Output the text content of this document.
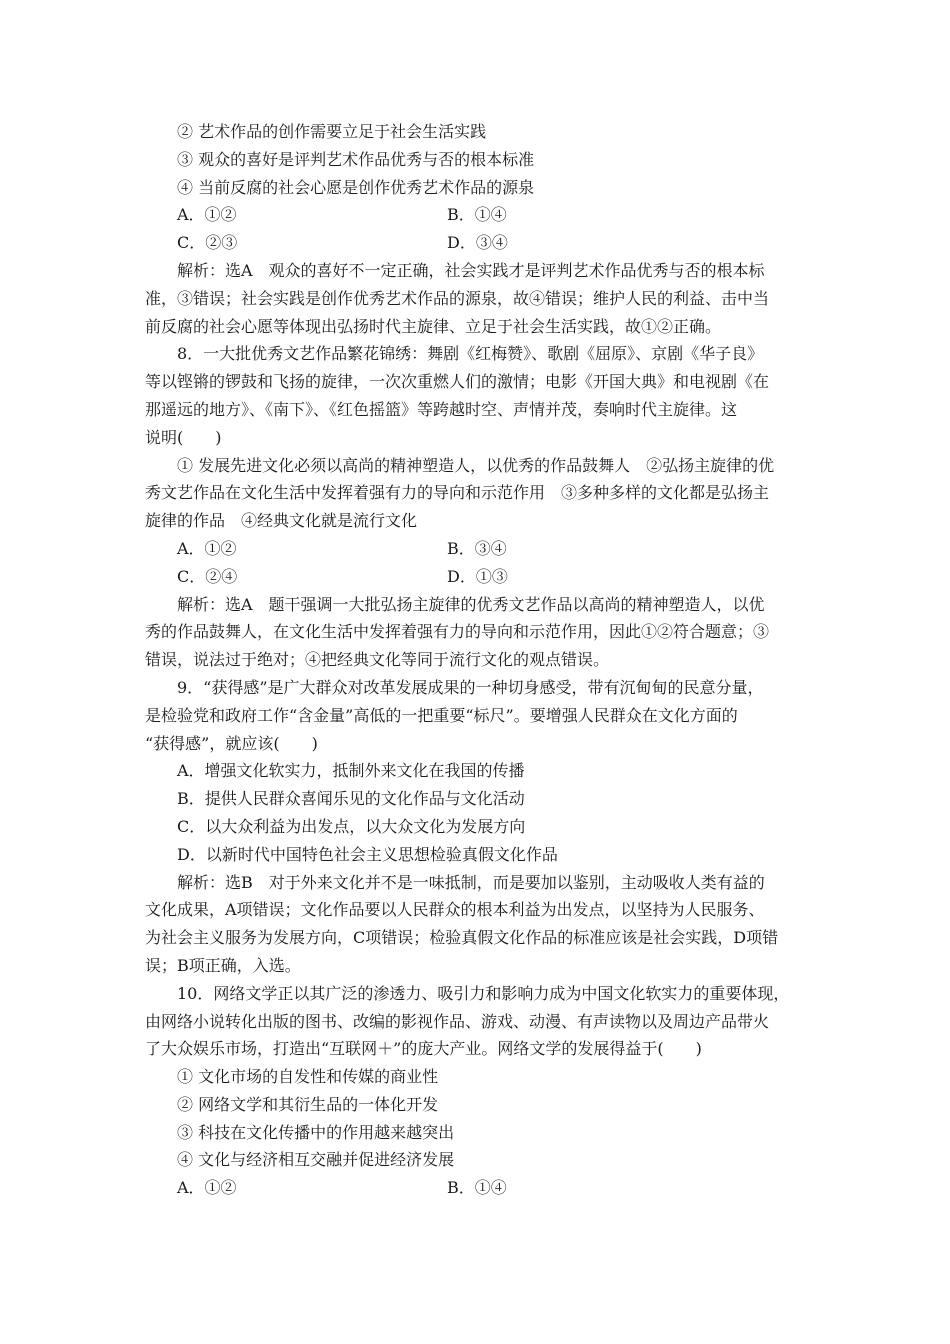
② 艺术作品的创作需要立足于社会生活实践
③ 观众的喜好是评判艺术作品优秀与否的根本标准
④ 当前反腐的社会心愿是创作优秀艺术作品的源泉
A．①②	B．①④
C．②③	D．③④
解析：选A　观众的喜好不一定正确，社会实践才是评判艺术作品优秀与否的根本标
准，③错误；社会实践是创作优秀艺术作品的源泉，故④错误；维护人民的利益、击中当
前反腐的社会心愿等体现出弘扬时代主旋律、立足于社会生活实践，故①②正确。
8．一大批优秀文艺作品繁花锦绣：舞剧《红梅赞》、歌剧《屈原》、京剧《华子良》
等以铿锵的锣鼓和飞扬的旋律，一次次重燃人们的激情；电影《开国大典》和电视剧《在
那遥远的地方》、《南下》、《红色摇篮》等跨越时空、声情并茂，奏响时代主旋律。这
说明(　　)
① 发展先进文化必须以高尚的精神塑造人，以优秀的作品鼓舞人　②弘扬主旋律的优
秀文艺作品在文化生活中发挥着强有力的导向和示范作用　③多种多样的文化都是弘扬主
旋律的作品　④经典文化就是流行文化
A．①②	B．③④
C．②④	D．①③
解析：选A　题干强调一大批弘扬主旋律的优秀文艺作品以高尚的精神塑造人，以优
秀的作品鼓舞人，在文化生活中发挥着强有力的导向和示范作用，因此①②符合题意；③
错误，说法过于绝对；④把经典文化等同于流行文化的观点错误。
9．“获得感”是广大群众对改革发展成果的一种切身感受，带有沉甸甸的民意分量，
是检验党和政府工作“含金量”高低的一把重要“标尺”。要增强人民群众在文化方面的
“获得感”，就应该(　　)
A．增强文化软实力，抵制外来文化在我国的传播
B．提供人民群众喜闻乐见的文化作品与文化活动
C．以大众利益为出发点，以大众文化为发展方向
D．以新时代中国特色社会主义思想检验真假文化作品
解析：选B　对于外来文化并不是一味抵制，而是要加以鉴别，主动吸收人类有益的
文化成果，A项错误；文化作品要以人民群众的根本利益为出发点，以坚持为人民服务、
为社会主义服务为发展方向，C项错误；检验真假文化作品的标准应该是社会实践，D项错
误；B项正确，入选。
10．网络文学正以其广泛的渗透力、吸引力和影响力成为中国文化软实力的重要体现，
由网络小说转化出版的图书、改编的影视作品、游戏、动漫、有声读物以及周边产品带火
了大众娱乐市场，打造出“互联网＋”的庞大产业。网络文学的发展得益于(　　)
① 文化市场的自发性和传媒的商业性
② 网络文学和其衍生品的一体化开发
③ 科技在文化传播中的作用越来越突出
④ 文化与经济相互交融并促进经济发展
A．①②	B．①④
